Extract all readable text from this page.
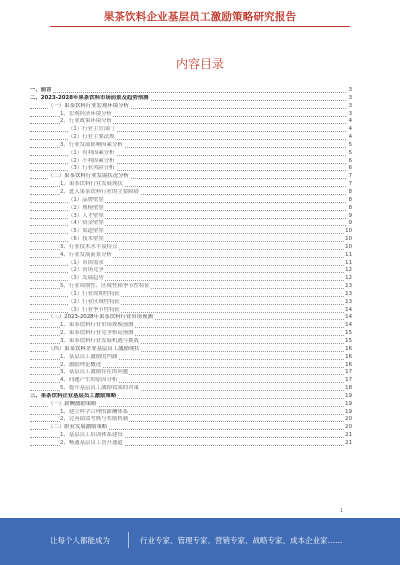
果茶饮料企业基层员工激励策略研究报告
内容目录
一、前言	3
二、2023-2028年果茶饮料市场前景及趋势预测	3
（一）果茶饮料行业宏观环境分析	3
1、宏观经济环境分析	3
2、行业政策环境分析	4
（1）行业主管部门	4
（2）行业主要法规	4
3、行业发展影响因素分析	5
（1）有利因素分析	5
（2）不利因素分析	6
（3）行业风险分析	6
（二）果茶饮料行业发展状况分析	7
1、果茶饮料行业发展现状	7
2、进入果茶饮料行业的主要障碍	8
（1）品牌壁垒	8
（2）规模壁垒	8
（3）人才壁垒	9
（4）资金壁垒	9
（5）渠道壁垒	10
（6）技术壁垒	10
3、行业技术水平及特点	10
4、行业发展前景分析	11
（1）市场需求	11
（2）市场竞争	12
（3）发展趋势	12
5、行业周期性、区域性和季节性特征	13
（1）行业周期性特征	13
（2）行业区域性特征	13
（3）行业季节性特征	14
（三）2023-2028年果茶饮料行业市场预测	14
1、果茶饮料行业市场规模预测	14
2、果茶饮料行业竞争格局预测	15
3、果茶饮料行业发展机遇与挑战	15
（四）果茶饮料企业基层员工激励现状	16
1、基层员工激励的内涵	16
2、激励理论概述	16
3、基层员工激励存在的问题	17
4、问题产生的原因分析	17
5、提升基层员工激励效果的对策	18
三、果茶饮料企业基层员工激励策略	19
（一）薪酬激励策略	19
1、建立科学合理的薪酬体系	19
2、完善绩效考核与奖励机制	20
（二）职业发展激励策略	20
1、基层员工培训体系建设	21
2、畅通基层员工晋升通道	21
1
让每个人都能成为	行业专家、管理专家、营销专家、战略专家、成本企业家……
